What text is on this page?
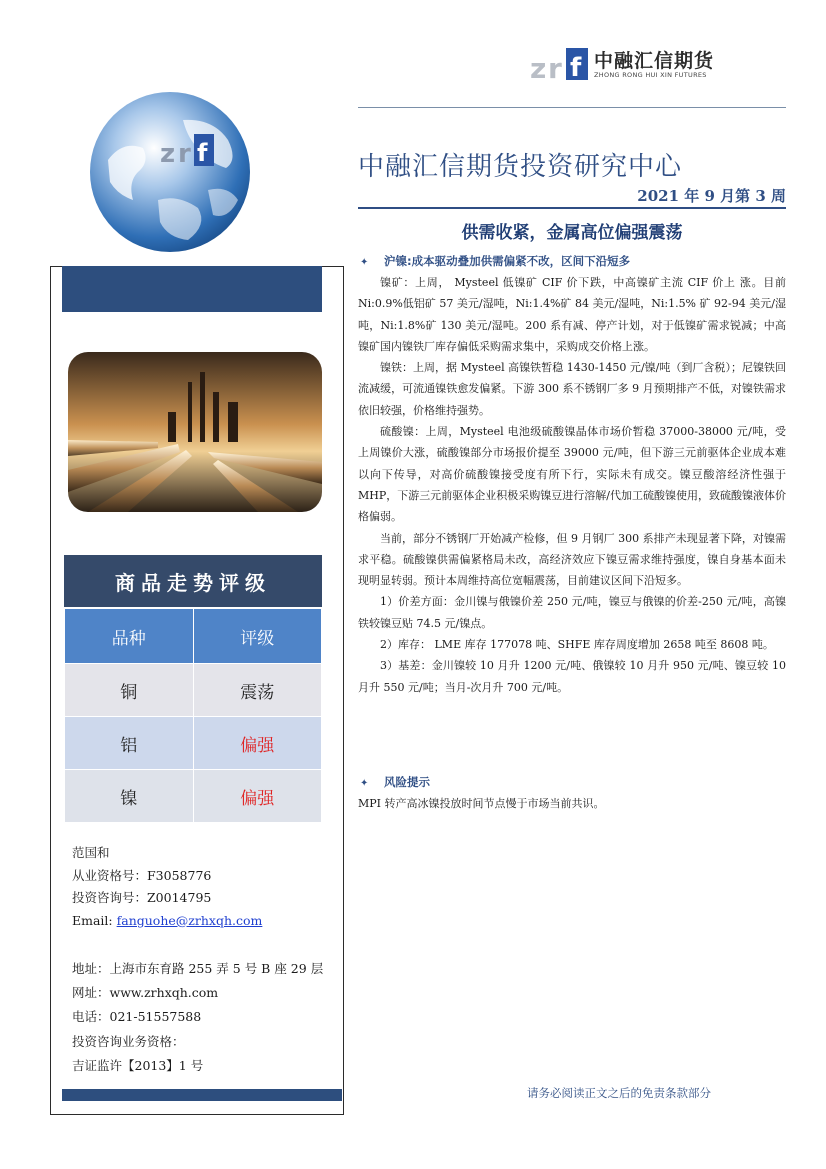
z r f 中融汇信期货
ZHONG RONG HUI XIN FUTURES
z r f	中融汇信期货投资研究中心
2021 年 9 月第 3 周
供需收紧，金属高位偏强震荡
商品走势评级
品种	评级
铜	震荡
铝	偏强
镍	偏强
范国和
从业资格号：F3058776
投资咨询号：Z0014795
Email: fanguohe@zrhxqh.com
地址：上海市东育路 255 弄 5 号 B 座 29 层
网址：www.zrhxqh.com
电话：021-51557588
投资咨询业务资格：
吉证监许【2013】1 号
✦ 沪镍:成本驱动叠加供需偏紧不改，区间下沿短多

镍矿：上周， Mysteel 低镍矿 CIF 价下跌，中高镍矿主流 CIF 价上 涨。目前 Ni:0.9%低铝矿 57 美元/湿吨，Ni:1.4%矿 84 美元/湿吨，Ni:1.5% 矿 92-94 美元/湿吨，Ni:1.8%矿 130 美元/湿吨。200 系有减、停产计划，对于低镍矿需求锐减；中高镍矿国内镍铁厂库存偏低采购需求集中，采购成交价格上涨。

镍铁：上周，据 Mysteel 高镍铁暂稳 1430-1450 元/镍/吨（到厂含税）；尼镍铁回流减缓，可流通镍铁愈发偏紧。下游 300 系不锈钢厂多 9 月预期排产不低，对镍铁需求依旧较强，价格维持强势。

硫酸镍：上周，Mysteel 电池级硫酸镍晶体市场价暂稳 37000-38000 元/吨，受上周镍价大涨，硫酸镍部分市场报价提至 39000 元/吨，但下游三元前驱体企业成本难以向下传导，对高价硫酸镍接受度有所下行，实际未有成交。镍豆酸溶经济性强于 MHP，下游三元前驱体企业积极采购镍豆进行溶解/代加工硫酸镍使用，致硫酸镍液体价格偏弱。

当前，部分不锈钢厂开始减产检修，但 9 月钢厂 300 系排产未现显著下降，对镍需求平稳。硫酸镍供需偏紧格局未改，高经济效应下镍豆需求维持强度，镍自身基本面未现明显转弱。预计本周维持高位宽幅震荡，目前建议区间下沿短多。

1）价差方面：金川镍与俄镍价差 250 元/吨，镍豆与俄镍的价差-250 元/吨，高镍铁较镍豆贴 74.5 元/镍点。

2）库存： LME 库存 177078 吨、SHFE 库存周度增加 2658 吨至 8608 吨。

3）基差：金川镍较 10 月升 1200 元/吨、俄镍较 10 月升 950 元/吨、镍豆较 10 月升 550 元/吨；当月-次月升 700 元/吨。

✦ 风险提示
MPI 转产高冰镍投放时间节点慢于市场当前共识。
请务必阅读正文之后的免责条款部分
